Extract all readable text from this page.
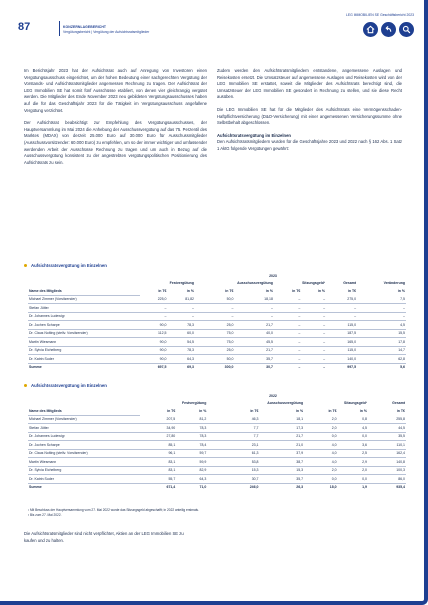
87	KONZERNLAGEBERICHT
Vergütungsbericht | Vergütung der Aufsichtsratsmitglieder
LEG IMMOBILIEN SE Geschäftsbericht 2023

Im Berichtsjahr 2023 hat der Aufsichtsrat auch auf Anregung von Investoren einen Vergütungsausschuss eingerichtet, um der hohen Bedeutung einer sachgerechten Vergütung der Vorstands- und Aufsichtsratsmitglieder angemessen Rechnung zu tragen. Der Aufsichtsrat der LEG Immobilien SE hat somit fünf Ausschüsse etabliert, von denen vier gleichrangig vergütet werden. Die Mitglieder des Ende November 2023 neu gebildeten Vergütungsausschusses haben auf die für das Geschäftsjahr 2023 für die Tätigkeit im Vergütungsausschuss angefallene Vergütung verzichtet.

Der Aufsichtsrat beabsichtigt zur Empfehlung des Vergütungsausschusses, der Hauptversammlung im Mai 2024 die Anhebung der Ausschussvergütung auf das 75. Perzentil des Marktes (MDAX) von derzeit 25.000 Euro auf 30.000 Euro für Ausschussmitglieder (Ausschussvorsitzender: 60.000 Euro) zu empfehlen, um so der immer wichtiger und umfassender werdenden Arbeit der Ausschüsse Rechnung zu tragen und um auch in Bezug auf die Ausschussvergütung konsistent zu der angestrebten vergütungspolitischen Positionierung des Aufsichtsrats zu sein.

Zudem werden den Aufsichtsratsmitgliedern entstandene, angemessene Auslagen und Reisekosten ersetzt. Die Umsatzsteuer auf angemessene Auslagen und Reisekosten wird von der LEG Immobilien SE erstattet, soweit die Mitglieder des Aufsichtsrats berechtigt sind, die Umsatzsteuer der LEG Immobilien SE gesondert in Rechnung zu stellen, und sie diese Recht ausüben.

Die LEG Immobilien SE hat für die Mitglieder des Aufsichtsrats eine Vermögensschaden-Haftpflichtversicherung (D&O-Versicherung) mit einer angemessenen Versicherungssumme ohne Selbstbehalt abgeschlossen.

Aufsichtsratsvergütung im Einzelnen

Den Aufsichtsratsmitgliedern wurden für die Geschäftsjahre 2023 und 2022 nach § 162 Abs. 1 Satz 1 AktG folgende Vergütungen gewährt:

Aufsichtsratsvergütung im Einzelnen
	2023							
	Festvergütung		Ausschussvergütung		Sitzungsgeld¹		Gesamt	Veränderung
Name des Mitglieds	in T€	in %	in T€	in %	in T€	in %	in T€	in %
Michael Zimmer (Vorsitzender)	225,0	81,82	50,0	18,18	–	–	275,0	7,5
Stefan Jütte²	–	–	–	–	–	–	–	–
Dr. Johannes Ludewig²	–	–	–	–	–	–	–	–
Dr. Jochen Scharpe	90,0	78,3	25,0	21,7	–	–	115,0	4,5
Dr. Claus Nolting (stellv. Vorsitzender)	112,5	60,0	75,0	40,0	–	–	187,5	15,5
Martin Wiesmann	90,0	54,5	75,0	45,5	–	–	165,0	17,8
Dr. Sylvia Eichelberg	90,0	78,3	25,0	21,7	–	–	115,0	14,7
Dr. Katrin Suder	90,0	64,3	50,0	35,7	–	–	140,0	62,8
Summe	697,5	69,3	300,0	30,7	–	–	997,5	5,6
Aufsichtsratsvergütung im Einzelnen
	2022						
	Festvergütung		Ausschussvergütung		Sitzungsgeld¹		Gesamt
Name des Mitglieds	in T€	in %	in T€	in %	in T€	in %	in T€
Michael Zimmer (Vorsitzender)	207,5	81,2	46,3	18,1	2,0	0,8	255,8
Stefan Jütte²	34,90	78,3	7,7	17,3	2,0	4,5	44,5
Dr. Johannes Ludewig²	27,80	78,3	7,7	21,7	0,0	0,0	35,5
Dr. Jochen Scharpe	85,1	78,4	23,1	21,0	4,0	3,6	110,1
Dr. Claus Nolting (stellv. Vorsitzender)	96,1	59,7	61,3	37,9	4,0	2,5	162,4
Martin Wiesmann	83,1	59,9	53,8	38,7	4,0	2,9	140,8
Dr. Sylvia Eichelberg	83,1	82,9	15,3	15,3	2,0	2,0	100,3
Dr. Katrin Suder	55,7	64,3	30,7	35,7	0,0	0,0	86,0
Summe	671,4	71,0	246,0	26,3	18,0	1,9	935,4
¹ Mit Beschluss der Hauptversammlung vom 27. Mai 2022 wurde das Sitzungsgeld abgeschafft; in 2022 anteilig erstmals.
² Bis zum 27. Mai 2022.
Die Aufsichtsratsmitglieder sind nicht verpflichtet, Aktien an der LEG Immobilien SE zu kaufen und zu halten.
